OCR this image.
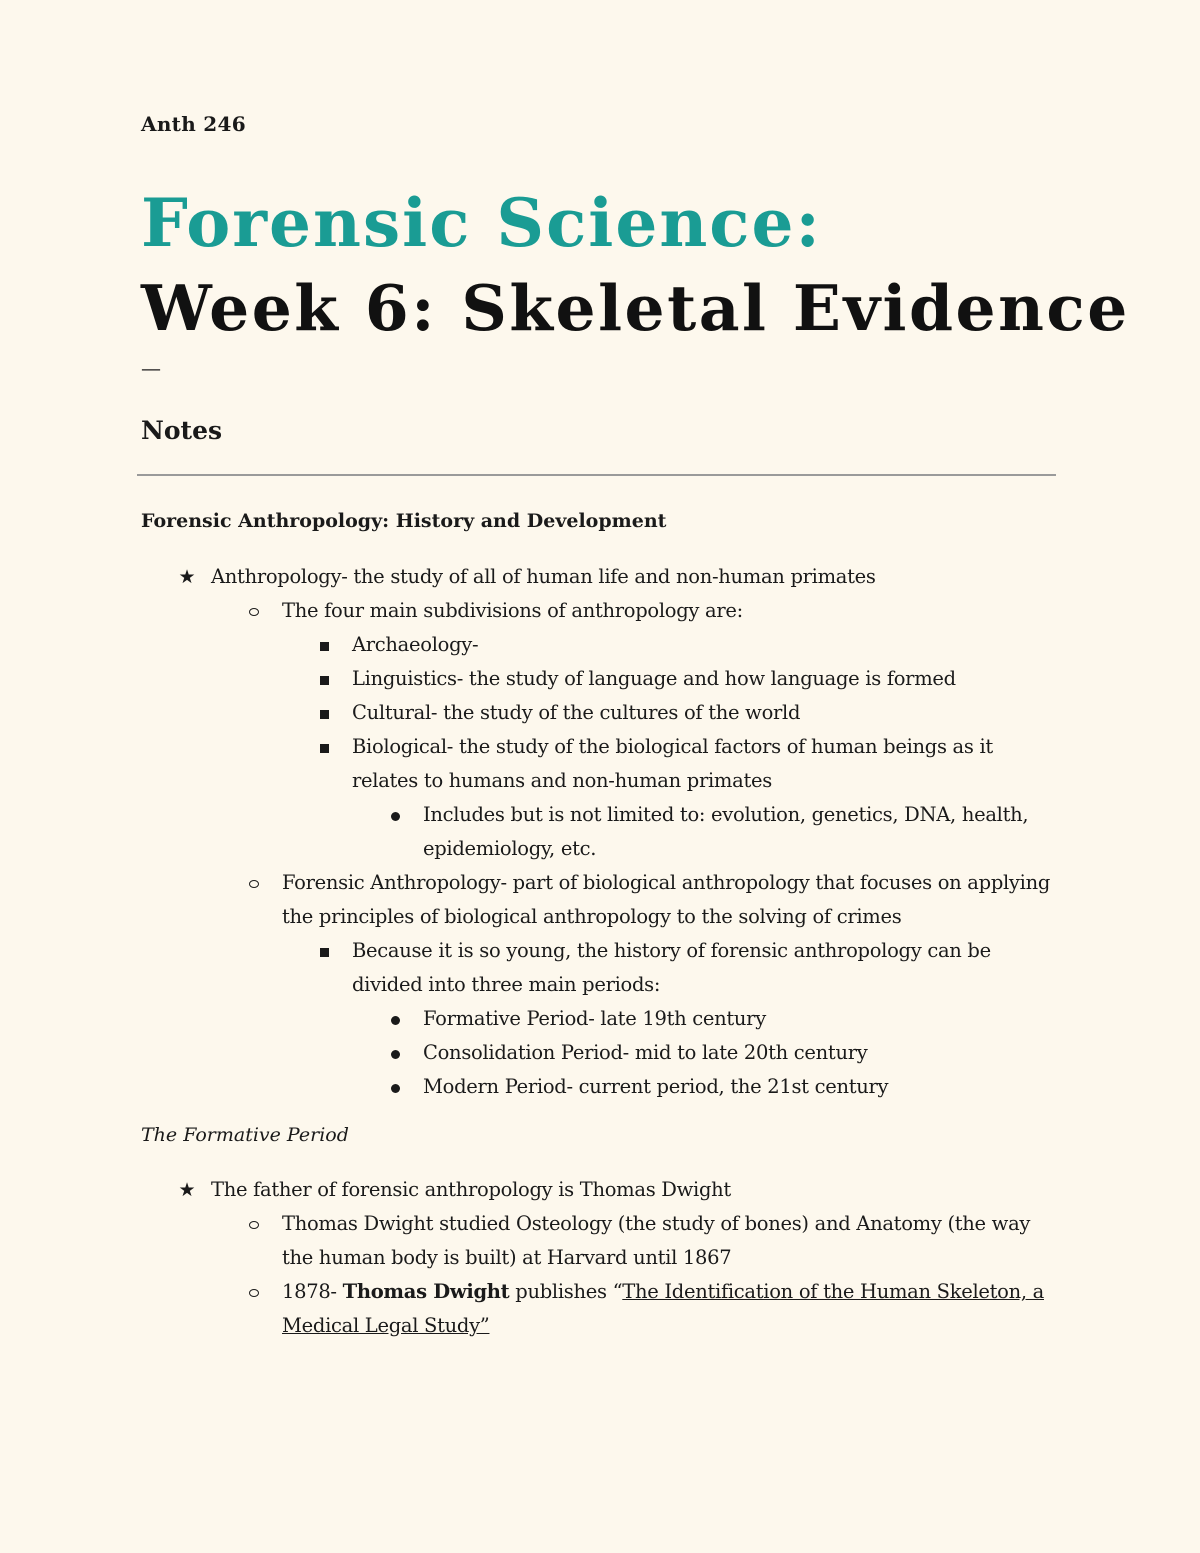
Anth 246
Forensic Science:
Week 6: Skeletal Evidence
—
Notes
Forensic Anthropology: History and Development
★ Anthropology- the study of all of human life and non-human primates
The four main subdivisions of anthropology are:
Archaeology-
Linguistics- the study of language and how language is formed
Cultural- the study of the cultures of the world
Biological- the study of the biological factors of human beings as it
relates to humans and non-human primates
Includes but is not limited to: evolution, genetics, DNA, health,
epidemiology, etc.
Forensic Anthropology- part of biological anthropology that focuses on applying
the principles of biological anthropology to the solving of crimes
Because it is so young, the history of forensic anthropology can be
divided into three main periods:
Formative Period- late 19th century
Consolidation Period- mid to late 20th century
Modern Period- current period, the 21st century
The Formative Period
★ The father of forensic anthropology is Thomas Dwight
Thomas Dwight studied Osteology (the study of bones) and Anatomy (the way
the human body is built) at Harvard until 1867
1878- Thomas Dwight publishes “The Identification of the Human Skeleton, a
Medical Legal Study”
